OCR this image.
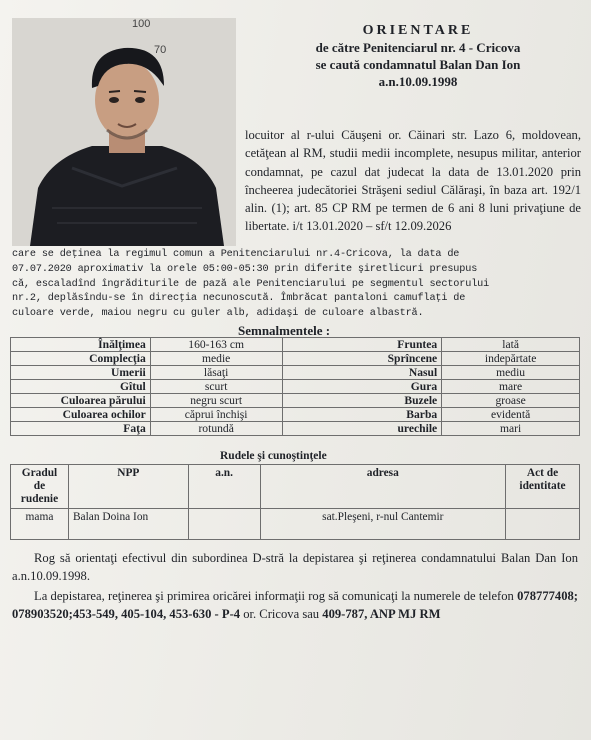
100
70
ORIENTARE
de către Penitenciarul nr. 4 - Cricova
se caută condamnatul Balan Dan Ion
a.n.10.09.1998
locuitor al r-ului Căuşeni or. Căinari str. Lazo 6, moldovean, cetăţean al RM, studii medii incomplete, nesupus militar, anterior condamnat, pe cazul dat judecat la data de 13.01.2020 prin încheerea judecătoriei Străşeni sediul Călăraşi, în baza art. 192/1 alin. (1); art. 85 CP RM pe termen de 6 ani 8 luni privaţiune de libertate. i/t 13.01.2020 – sf/t 12.09.2026
care se deţinea la regimul comun a Penitenciarului nr.4-Cricova, la data de
07.07.2020 aproximativ la orele 05:00-05:30 prin diferite şiretlicuri presupus
că, escaladînd îngrăditurile de pază ale Penitenciarului pe segmentul sectorului
nr.2, deplăsîndu-se în direcţia necunoscută. Îmbrăcat pantaloni camuflaţi de
culoare verde, maiou negru cu guler alb, adidaşi de culoare albastră.
Semnalmentele :
Înălţimea	160-163 cm	Fruntea	lată
Complecţia	medie	Sprîncene	indepărtate
Umerii	lăsaţi	Nasul	mediu
Gîtul	scurt	Gura	mare
Culoarea părului	negru scurt	Buzele	groase
Culoarea ochilor	căprui închişi	Barba	evidentă
Faţa	rotundă	urechile	mari
Rudele şi cunoştinţele
Gradul de rudenie	NPP	a.n.	adresa	Act de identitate
mama	Balan Doina Ion		sat.Pleşeni, r-nul Cantemir	

Rog să orientaţi efectivul din subordinea D-stră la depistarea şi reţinerea condamnatului Balan Dan Ion a.n.10.09.1998.

La depistarea, reţinerea şi primirea oricărei informaţii rog să comunicaţi la numerele de telefon 078777408; 078903520;453-549, 405-104, 453-630 - P-4 or. Cricova sau 409-787, ANP MJ RM
